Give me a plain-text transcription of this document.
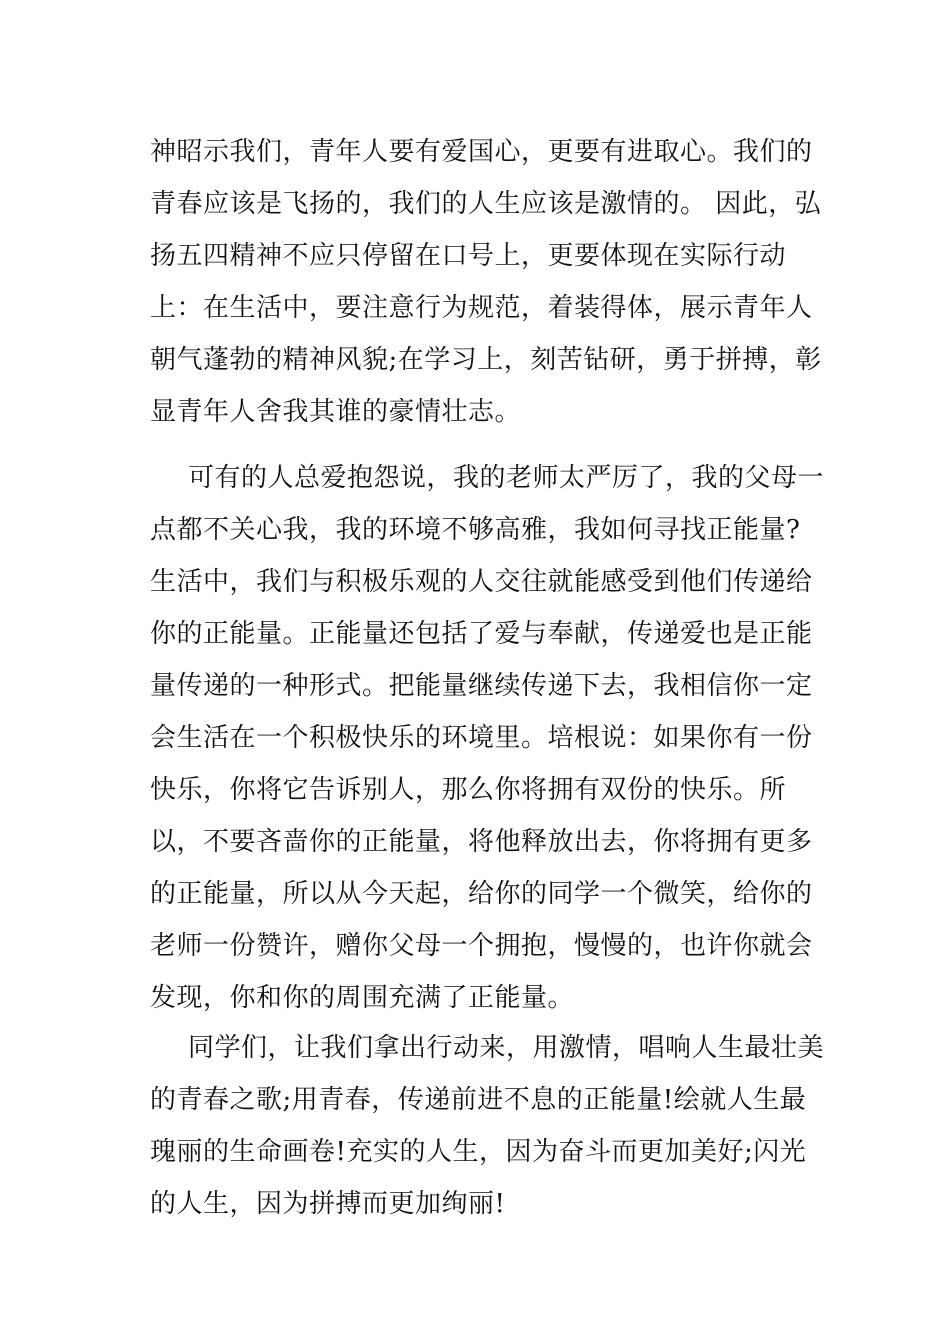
神昭示我们，青年人要有爱国心，更要有进取心。我们的
青春应该是飞扬的，我们的人生应该是激情的。 因此，弘
扬五四精神不应只停留在口号上，更要体现在实际行动
上：在生活中，要注意行为规范，着装得体，展示青年人
朝气蓬勃的精神风貌;在学习上，刻苦钻研，勇于拼搏，彰
显青年人舍我其谁的豪情壮志。
可有的人总爱抱怨说，我的老师太严厉了，我的父母一
点都不关心我，我的环境不够高雅，我如何寻找正能量?
生活中，我们与积极乐观的人交往就能感受到他们传递给
你的正能量。正能量还包括了爱与奉献，传递爱也是正能
量传递的一种形式。把能量继续传递下去，我相信你一定
会生活在一个积极快乐的环境里。培根说：如果你有一份
快乐，你将它告诉别人，那么你将拥有双份的快乐。所
以，不要吝啬你的正能量，将他释放出去，你将拥有更多
的正能量，所以从今天起，给你的同学一个微笑，给你的
老师一份赞许，赠你父母一个拥抱，慢慢的，也许你就会
发现，你和你的周围充满了正能量。
同学们，让我们拿出行动来，用激情，唱响人生最壮美
的青春之歌;用青春，传递前进不息的正能量!绘就人生最
瑰丽的生命画卷!充实的人生，因为奋斗而更加美好;闪光
的人生，因为拼搏而更加绚丽!
